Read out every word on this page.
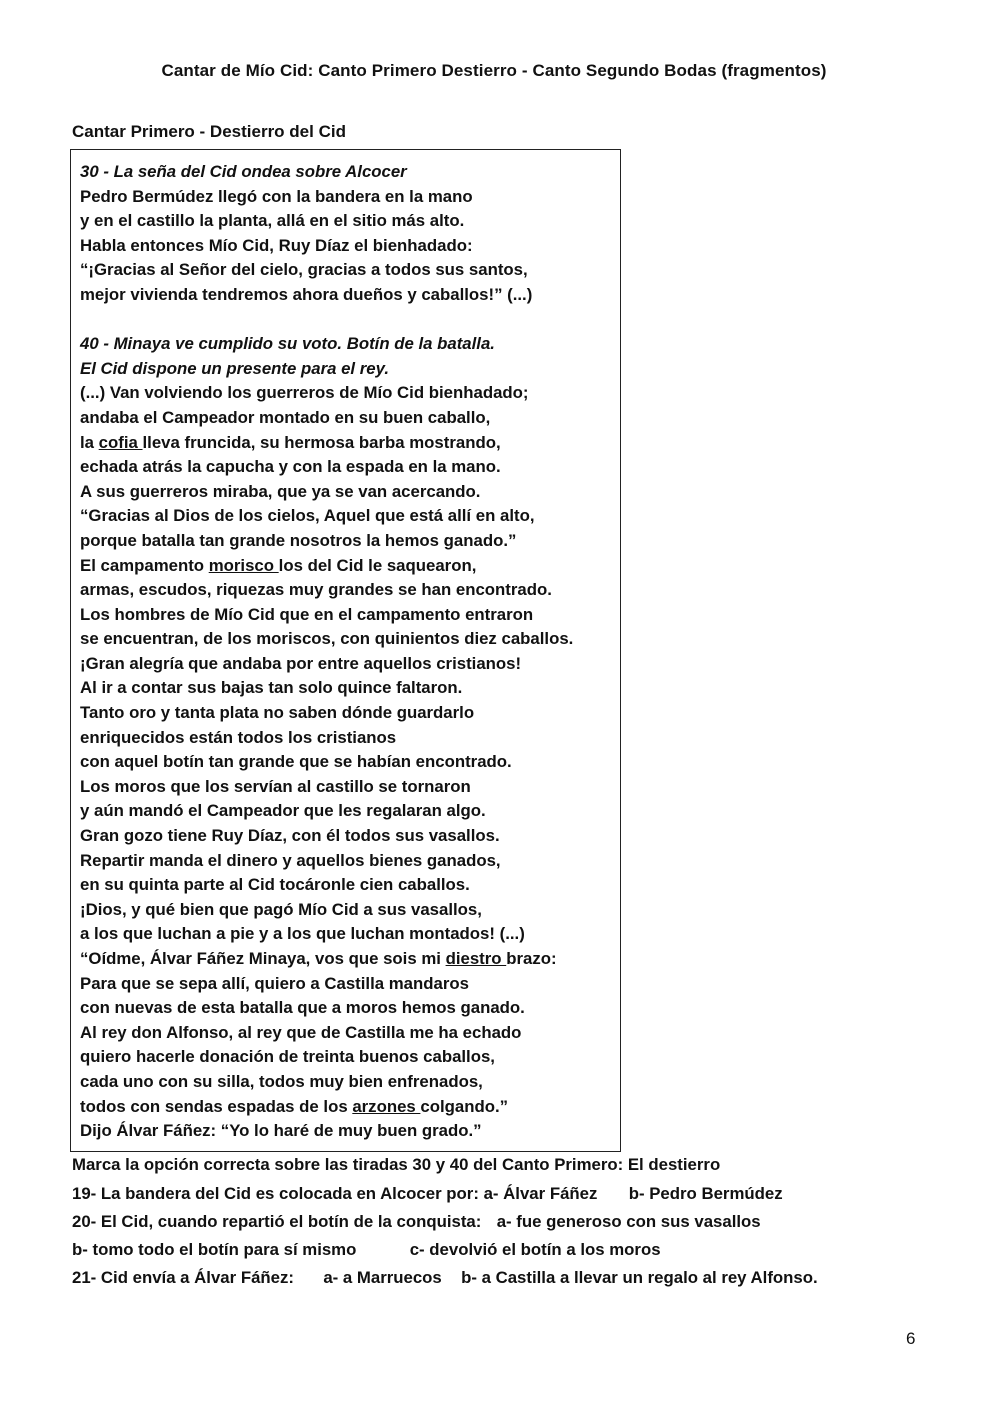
Cantar de Mío Cid: Canto Primero Destierro - Canto Segundo Bodas (fragmentos)
Cantar Primero - Destierro del Cid
30 - La seña del Cid ondea sobre Alcocer
Pedro Bermúdez llegó con la bandera en la mano
y en el castillo la planta, allá en el sitio más alto.
Habla entonces Mío Cid, Ruy Díaz el bienhadado:
“¡Gracias al Señor del cielo, gracias a todos sus santos,
mejor vivienda tendremos ahora dueños y caballos!” (...)
40 - Minaya ve cumplido su voto. Botín de la batalla.
El Cid dispone un presente para el rey.
(...) Van volviendo los guerreros de Mío Cid bienhadado;
andaba el Campeador montado en su buen caballo,
la cofia lleva fruncida, su hermosa barba mostrando,
echada atrás la capucha y con la espada en la mano.
A sus guerreros miraba, que ya se van acercando.
“Gracias al Dios de los cielos, Aquel que está allí en alto,
porque batalla tan grande nosotros la hemos ganado.”
El campamento morisco los del Cid le saquearon,
armas, escudos, riquezas muy grandes se han encontrado.
Los hombres de Mío Cid que en el campamento entraron
se encuentran, de los moriscos, con quinientos diez caballos.
¡Gran alegría que andaba por entre aquellos cristianos!
Al ir a contar sus bajas tan solo quince faltaron.
Tanto oro y tanta plata no saben dónde guardarlo
enriquecidos están todos los cristianos
con aquel botín tan grande que se habían encontrado.
Los moros que los servían al castillo se tornaron
y aún mandó el Campeador que les regalaran algo.
Gran gozo tiene Ruy Díaz, con él todos sus vasallos.
Repartir manda el dinero y aquellos bienes ganados,
en su quinta parte al Cid tocáronle cien caballos.
¡Dios, y qué bien que pagó Mío Cid a sus vasallos,
a los que luchan a pie y a los que luchan montados! (...)
“Oídme, Álvar Fáñez Minaya, vos que sois mi diestro brazo:
Para que se sepa allí, quiero a Castilla mandaros
con nuevas de esta batalla que a moros hemos ganado.
Al rey don Alfonso, al rey que de Castilla me ha echado
quiero hacerle donación de treinta buenos caballos,
cada uno con su silla, todos muy bien enfrenados,
todos con sendas espadas de los arzones colgando.”
Dijo Álvar Fáñez: “Yo lo haré de muy buen grado.”
Marca la opción correcta sobre las tiradas 30 y 40 del Canto Primero: El destierro
19- La bandera del Cid es colocada en Alcocer por: a- Álvar Fáñez b- Pedro Bermúdez
20- El Cid, cuando repartió el botín de la conquista: a- fue generoso con sus vasallos
b- tomo todo el botín para sí mismo	c- devolvió el botín a los moros
21- Cid envía a Álvar Fáñez: a- a Marruecos b- a Castilla a llevar un regalo al rey Alfonso.
6
